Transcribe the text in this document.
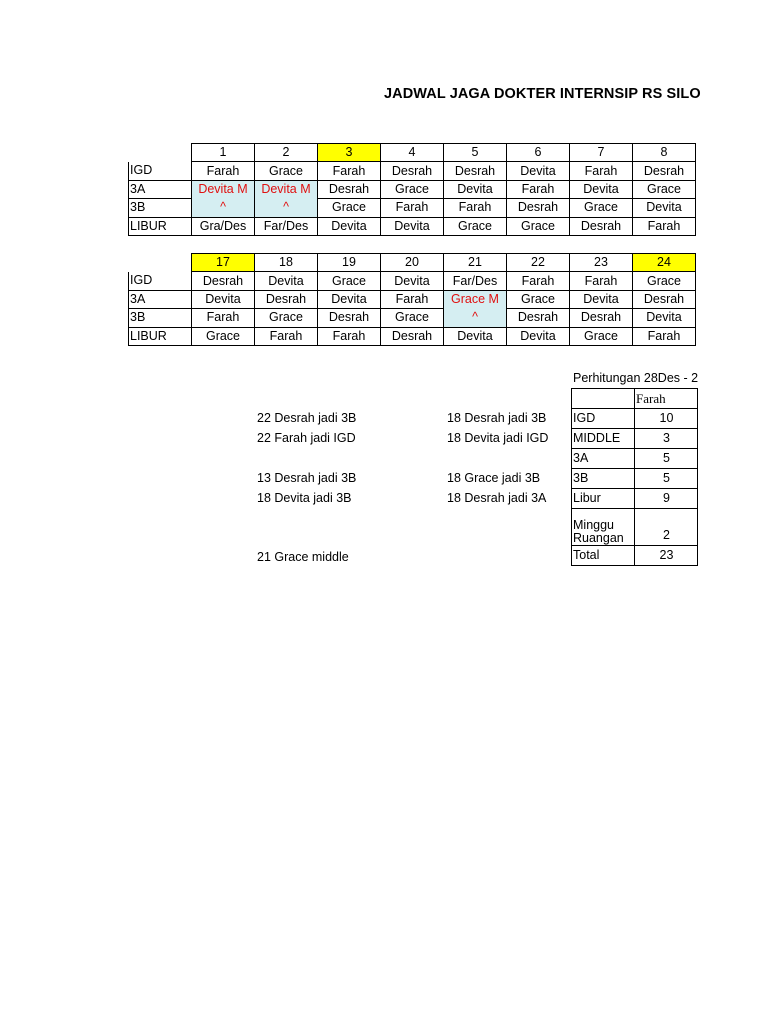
JADWAL JAGA DOKTER INTERNSIP RS SILO
	1	2	3	4	5	6	7	8
IGD	Farah	Grace	Farah	Desrah	Desrah	Devita	Farah	Desrah
3A	Devita M	Devita M	Desrah	Grace	Devita	Farah	Devita	Grace
3B	^	^	Grace	Farah	Farah	Desrah	Grace	Devita
LIBUR	Gra/Des	Far/Des	Devita	Devita	Grace	Grace	Desrah	Farah
	17	18	19	20	21	22	23	24
IGD	Desrah	Devita	Grace	Devita	Far/Des	Farah	Farah	Grace
3A	Devita	Desrah	Devita	Farah	Grace M	Grace	Devita	Desrah
3B	Farah	Grace	Desrah	Grace	^	Desrah	Desrah	Devita
LIBUR	Grace	Farah	Farah	Desrah	Devita	Devita	Grace	Farah
22 Desrah jadi 3B
22 Farah jadi IGD
13 Desrah jadi 3B
18 Devita jadi 3B
21 Grace middle
18 Desrah jadi 3B
18 Devita jadi IGD
18 Grace jadi 3B
18 Desrah jadi 3A
Perhitungan 28Des - 2
	Farah
IGD	10
MIDDLE	3
3A	5
3B	5
Libur	9
Minggu Ruangan	2
Total	23
